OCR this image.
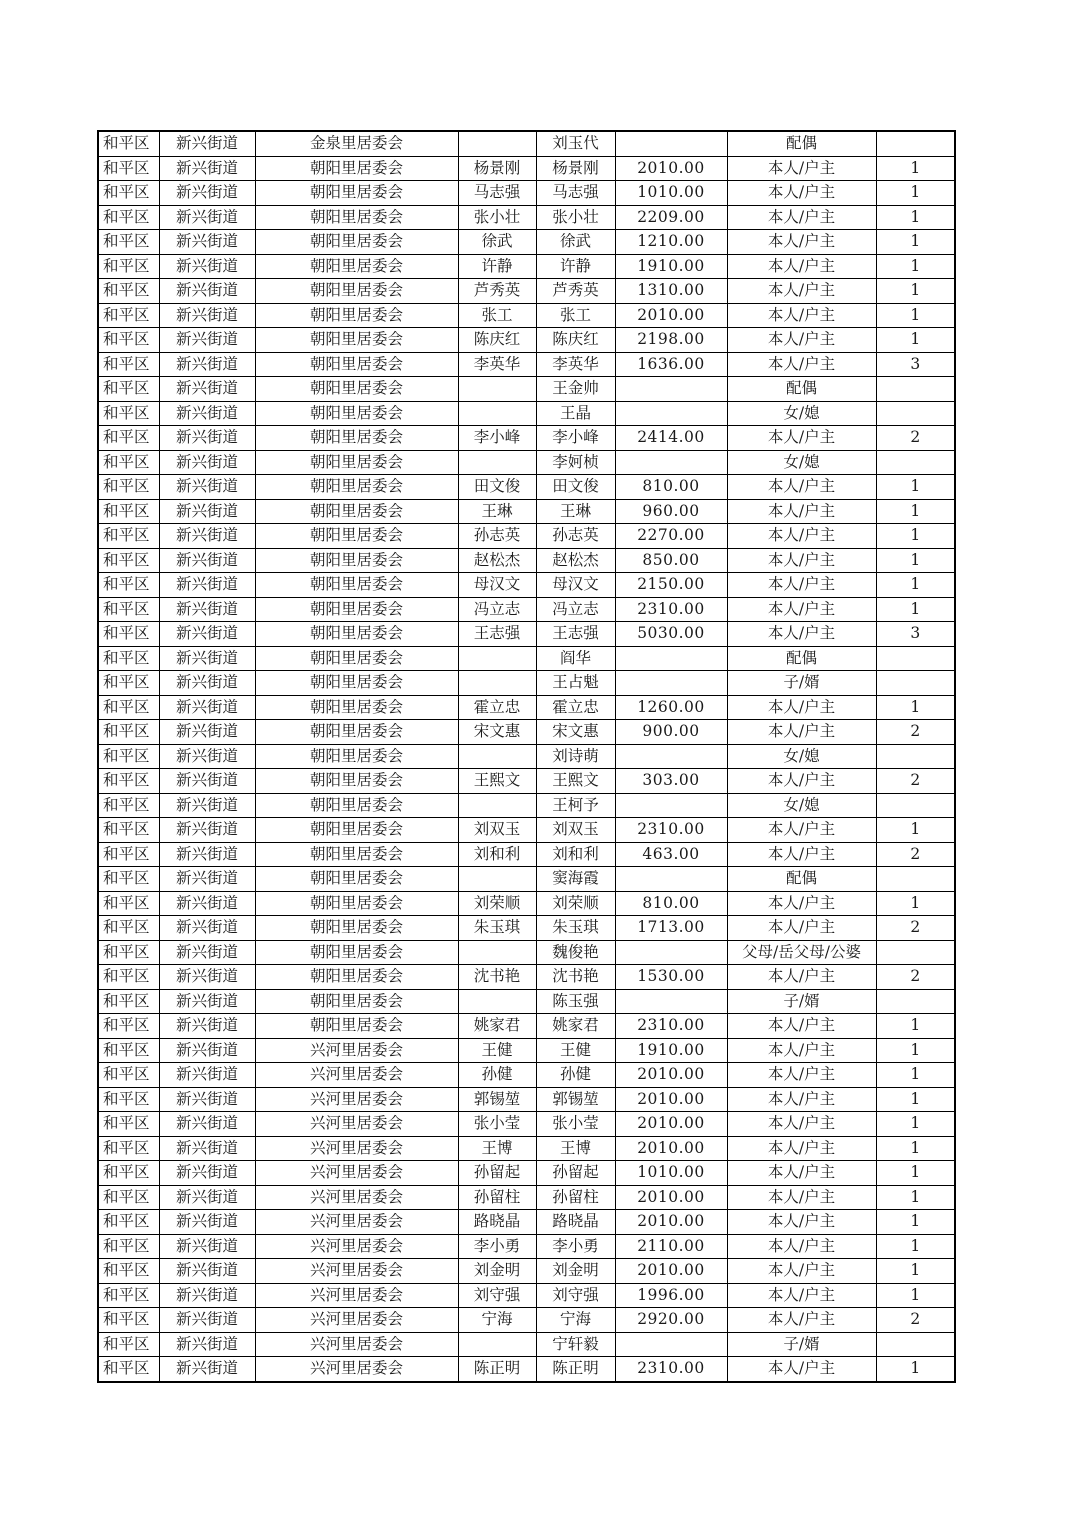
和平区	新兴街道	金泉里居委会		刘玉代		配偶	
和平区	新兴街道	朝阳里居委会	杨景刚	杨景刚	2010.00	本人/户主	1
和平区	新兴街道	朝阳里居委会	马志强	马志强	1010.00	本人/户主	1
和平区	新兴街道	朝阳里居委会	张小壮	张小壮	2209.00	本人/户主	1
和平区	新兴街道	朝阳里居委会	徐武	徐武	1210.00	本人/户主	1
和平区	新兴街道	朝阳里居委会	许静	许静	1910.00	本人/户主	1
和平区	新兴街道	朝阳里居委会	芦秀英	芦秀英	1310.00	本人/户主	1
和平区	新兴街道	朝阳里居委会	张工	张工	2010.00	本人/户主	1
和平区	新兴街道	朝阳里居委会	陈庆红	陈庆红	2198.00	本人/户主	1
和平区	新兴街道	朝阳里居委会	李英华	李英华	1636.00	本人/户主	3
和平区	新兴街道	朝阳里居委会		王金帅		配偶	
和平区	新兴街道	朝阳里居委会		王晶		女/媳	
和平区	新兴街道	朝阳里居委会	李小峰	李小峰	2414.00	本人/户主	2
和平区	新兴街道	朝阳里居委会		李妸桢		女/媳	
和平区	新兴街道	朝阳里居委会	田文俊	田文俊	810.00	本人/户主	1
和平区	新兴街道	朝阳里居委会	王琳	王琳	960.00	本人/户主	1
和平区	新兴街道	朝阳里居委会	孙志英	孙志英	2270.00	本人/户主	1
和平区	新兴街道	朝阳里居委会	赵松杰	赵松杰	850.00	本人/户主	1
和平区	新兴街道	朝阳里居委会	母汉文	母汉文	2150.00	本人/户主	1
和平区	新兴街道	朝阳里居委会	冯立志	冯立志	2310.00	本人/户主	1
和平区	新兴街道	朝阳里居委会	王志强	王志强	5030.00	本人/户主	3
和平区	新兴街道	朝阳里居委会		阎华		配偶	
和平区	新兴街道	朝阳里居委会		王占魁		子/婿	
和平区	新兴街道	朝阳里居委会	霍立忠	霍立忠	1260.00	本人/户主	1
和平区	新兴街道	朝阳里居委会	宋文惠	宋文惠	900.00	本人/户主	2
和平区	新兴街道	朝阳里居委会		刘诗萌		女/媳	
和平区	新兴街道	朝阳里居委会	王熙文	王熙文	303.00	本人/户主	2
和平区	新兴街道	朝阳里居委会		王柯予		女/媳	
和平区	新兴街道	朝阳里居委会	刘双玉	刘双玉	2310.00	本人/户主	1
和平区	新兴街道	朝阳里居委会	刘和利	刘和利	463.00	本人/户主	2
和平区	新兴街道	朝阳里居委会		窦海霞		配偶	
和平区	新兴街道	朝阳里居委会	刘荣顺	刘荣顺	810.00	本人/户主	1
和平区	新兴街道	朝阳里居委会	朱玉琪	朱玉琪	1713.00	本人/户主	2
和平区	新兴街道	朝阳里居委会		魏俊艳		父母/岳父母/公婆	
和平区	新兴街道	朝阳里居委会	沈书艳	沈书艳	1530.00	本人/户主	2
和平区	新兴街道	朝阳里居委会		陈玉强		子/婿	
和平区	新兴街道	朝阳里居委会	姚家君	姚家君	2310.00	本人/户主	1
和平区	新兴街道	兴河里居委会	王健	王健	1910.00	本人/户主	1
和平区	新兴街道	兴河里居委会	孙健	孙健	2010.00	本人/户主	1
和平区	新兴街道	兴河里居委会	郭锡堃	郭锡堃	2010.00	本人/户主	1
和平区	新兴街道	兴河里居委会	张小莹	张小莹	2010.00	本人/户主	1
和平区	新兴街道	兴河里居委会	王博	王博	2010.00	本人/户主	1
和平区	新兴街道	兴河里居委会	孙留起	孙留起	1010.00	本人/户主	1
和平区	新兴街道	兴河里居委会	孙留柱	孙留柱	2010.00	本人/户主	1
和平区	新兴街道	兴河里居委会	路晓晶	路晓晶	2010.00	本人/户主	1
和平区	新兴街道	兴河里居委会	李小勇	李小勇	2110.00	本人/户主	1
和平区	新兴街道	兴河里居委会	刘金明	刘金明	2010.00	本人/户主	1
和平区	新兴街道	兴河里居委会	刘守强	刘守强	1996.00	本人/户主	1
和平区	新兴街道	兴河里居委会	宁海	宁海	2920.00	本人/户主	2
和平区	新兴街道	兴河里居委会		宁轩毅		子/婿	
和平区	新兴街道	兴河里居委会	陈正明	陈正明	2310.00	本人/户主	1
